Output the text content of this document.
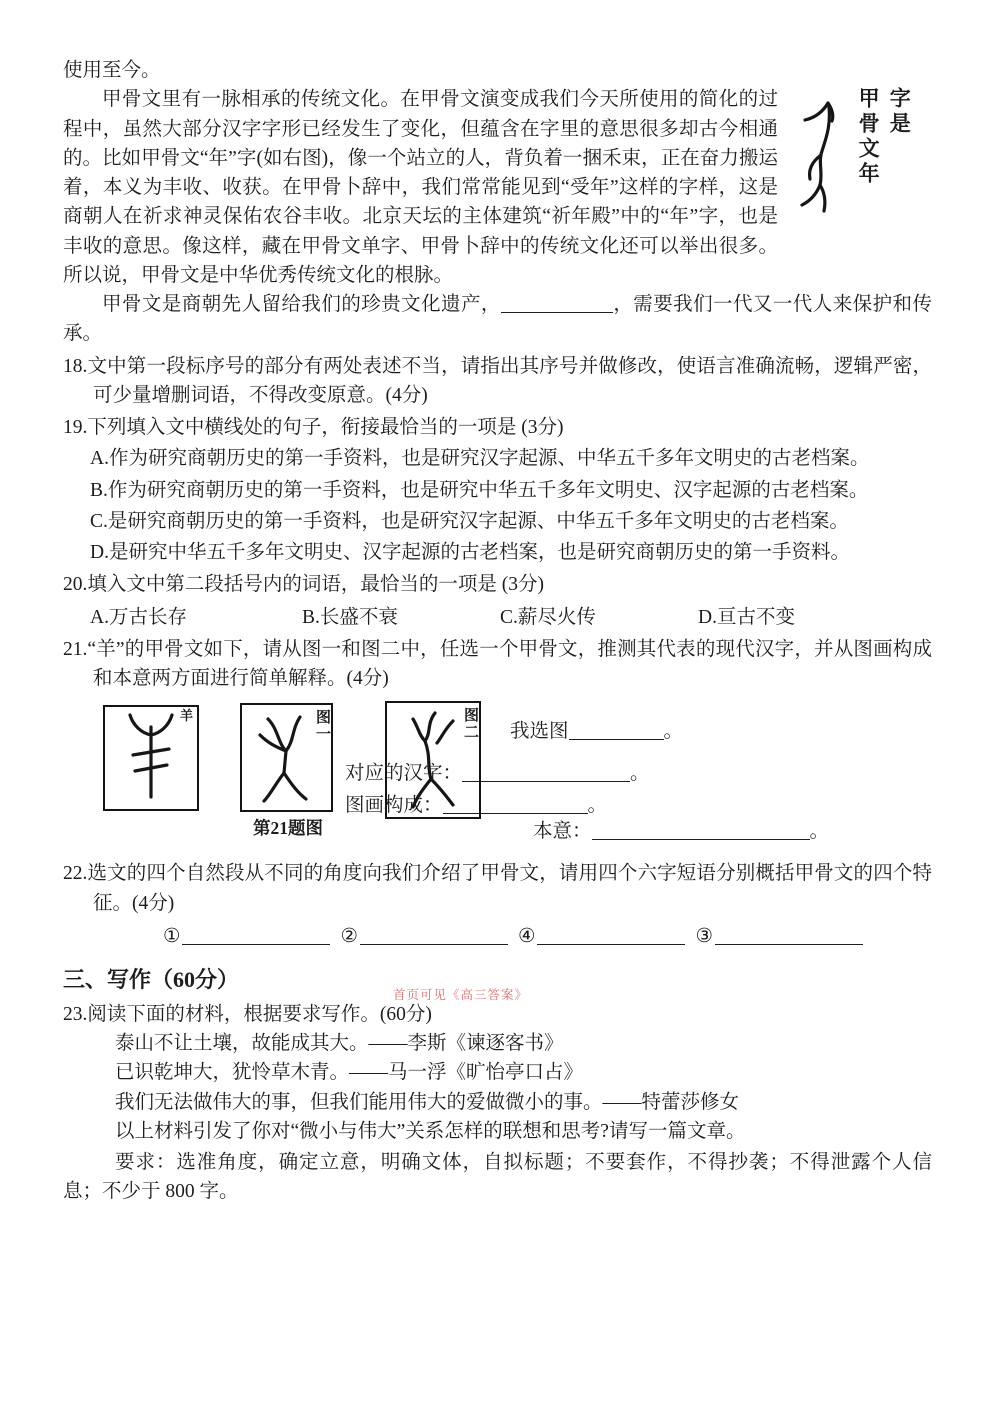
使用至今。

甲骨文年 字是
甲骨文里有一脉相承的传统文化。在甲骨文演变成我们今天所使用的简化的过程中，虽然大部分汉字字形已经发生了变化，但蕴含在字里的意思很多却古今相通的。比如甲骨文“年”字(如右图)，像一个站立的人，背负着一捆禾束，正在奋力搬运着，本义为丰收、收获。在甲骨卜辞中，我们常常能见到“受年”这样的字样，这是商朝人在祈求神灵保佑农谷丰收。北京天坛的主体建筑“祈年殿”中的“年”字，也是丰收的意思。像这样，藏在甲骨文单字、甲骨卜辞中的传统文化还可以举出很多。所以说，甲骨文是中华优秀传统文化的根脉。

甲骨文是商朝先人留给我们的珍贵文化遗产，	，需要我们一代又一代人来保护和传承。

18.文中第一段标序号的部分有两处表述不当，请指出其序号并做修改，使语言准确流畅，逻辑严密，可少量增删词语，不得改变原意。(4分)
19.下列填入文中横线处的句子，衔接最恰当的一项是 (3分)
A.作为研究商朝历史的第一手资料，也是研究汉字起源、中华五千多年文明史的古老档案。
B.作为研究商朝历史的第一手资料，也是研究中华五千多年文明史、汉字起源的古老档案。
C.是研究商朝历史的第一手资料，也是研究汉字起源、中华五千多年文明史的古老档案。
D.是研究中华五千多年文明史、汉字起源的古老档案，也是研究商朝历史的第一手资料。
20.填入文中第二段括号内的词语，最恰当的一项是 (3分)
A.万古长存	B.长盛不衰	C.薪尽火传	D.亘古不变
21.“羊”的甲骨文如下，请从图一和图二中，任选一个甲骨文，推测其代表的现代汉字，并从图画构成和本意两方面进行简单解释。(4分)
我选图	。
对应的汉字：	。
图画构成：	。
本意：	。
羊	图一	图二
第21题图
22.选文的四个自然段从不同的角度向我们介绍了甲骨文，请用四个六字短语分别概括甲骨文的四个特征。(4分)
①	②	④	③
三、写作（60分）
23.阅读下面的材料，根据要求写作。(60分)
首页可见《高三答案》

泰山不让土壤，故能成其大。——李斯《谏逐客书》

已识乾坤大，犹怜草木青。——马一浮《旷怡亭口占》

我们无法做伟大的事，但我们能用伟大的爱做微小的事。——特蕾莎修女

以上材料引发了你对“微小与伟大”关系怎样的联想和思考?请写一篇文章。

要求：选准角度，确定立意，明确文体，自拟标题；不要套作，不得抄袭；不得泄露个人信息；不少于 800 字。
